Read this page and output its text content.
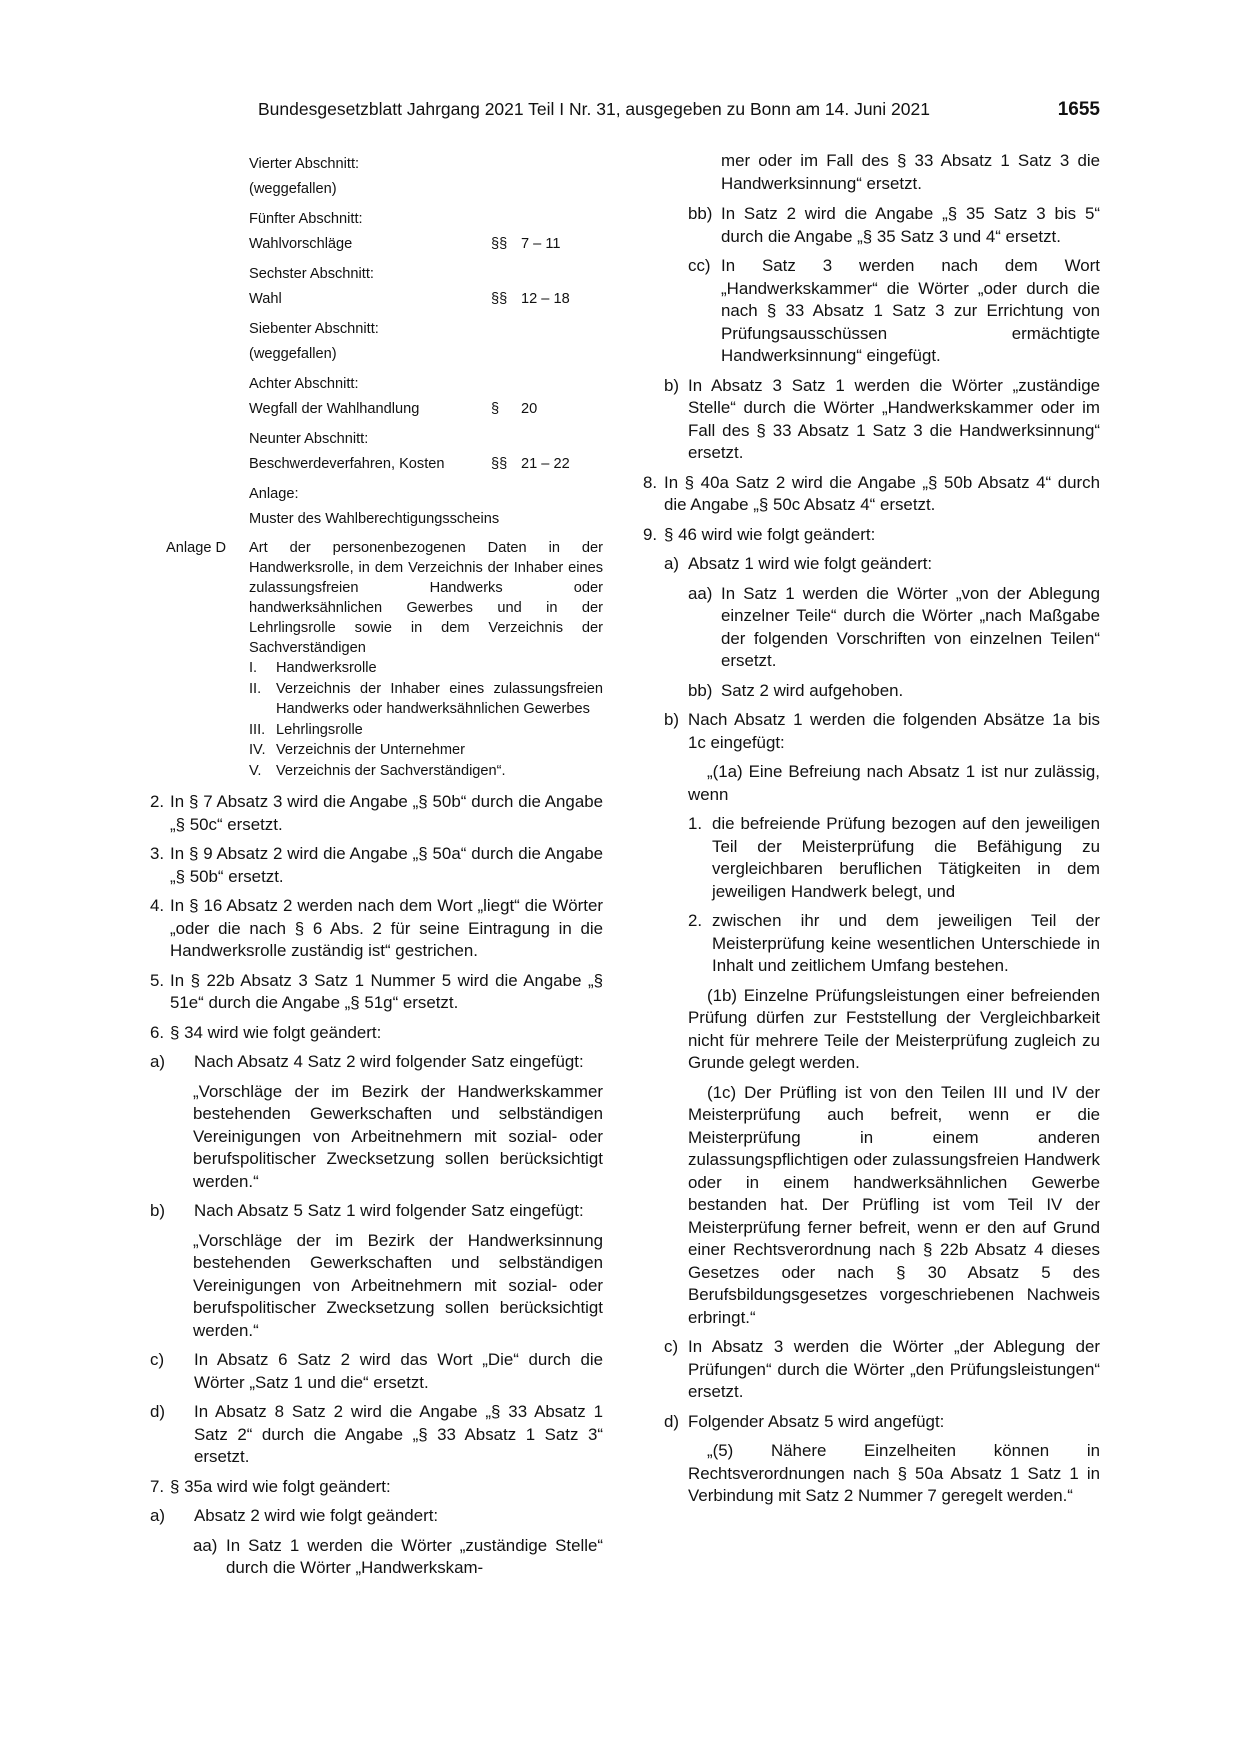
Bundesgesetzblatt Jahrgang 2021 Teil I Nr. 31, ausgegeben zu Bonn am 14. Juni 2021	1655
Vierter Abschnitt:
(weggefallen)
Fünfter Abschnitt:
Wahlvorschläge	§§ 7 – 11
Sechster Abschnitt:
Wahl	§§ 12 – 18
Siebenter Abschnitt:
(weggefallen)
Achter Abschnitt:
Wegfall der Wahlhandlung	§ 20
Neunter Abschnitt:
Beschwerdeverfahren, Kosten	§§ 21 – 22
Anlage:
Muster des Wahlberechtigungsscheins
Anlage D Art der personenbezogenen Daten in der Handwerksrolle, in dem Verzeichnis der Inhaber eines zulassungsfreien Handwerks oder handwerksähnlichen Gewerbes und in der Lehrlingsrolle sowie in dem Verzeichnis der Sachverständigen
I. Handwerksrolle
II. Verzeichnis der Inhaber eines zulassungsfreien Handwerks oder handwerksähnlichen Gewerbes
III. Lehrlingsrolle
IV. Verzeichnis der Unternehmer
V. Verzeichnis der Sachverständigen“.
2. In § 7 Absatz 3 wird die Angabe „§ 50b“ durch die Angabe „§ 50c“ ersetzt.
3. In § 9 Absatz 2 wird die Angabe „§ 50a“ durch die Angabe „§ 50b“ ersetzt.
4. In § 16 Absatz 2 werden nach dem Wort „liegt“ die Wörter „oder die nach § 6 Abs. 2 für seine Eintragung in die Handwerksrolle zuständig ist“ gestrichen.
5. In § 22b Absatz 3 Satz 1 Nummer 5 wird die Angabe „§ 51e“ durch die Angabe „§ 51g“ ersetzt.
6. § 34 wird wie folgt geändert:
a)	Nach Absatz 4 Satz 2 wird folgender Satz eingefügt:
„Vorschläge der im Bezirk der Handwerkskammer bestehenden Gewerkschaften und selbständigen Vereinigungen von Arbeitnehmern mit sozial- oder berufspolitischer Zwecksetzung sollen berücksichtigt werden.“
b)	Nach Absatz 5 Satz 1 wird folgender Satz eingefügt:
„Vorschläge der im Bezirk der Handwerksinnung bestehenden Gewerkschaften und selbständigen Vereinigungen von Arbeitnehmern mit sozial- oder berufspolitischer Zwecksetzung sollen berücksichtigt werden.“
c)	In Absatz 6 Satz 2 wird das Wort „Die“ durch die Wörter „Satz 1 und die“ ersetzt.
d)	In Absatz 8 Satz 2 wird die Angabe „§ 33 Absatz 1 Satz 2“ durch die Angabe „§ 33 Absatz 1 Satz 3“ ersetzt.
7. § 35a wird wie folgt geändert:
a)	Absatz 2 wird wie folgt geändert:
aa) In Satz 1 werden die Wörter „zuständige Stelle“ durch die Wörter „Handwerkskam-
mer oder im Fall des § 33 Absatz 1 Satz 3 die Handwerksinnung“ ersetzt.
bb) In Satz 2 wird die Angabe „§ 35 Satz 3 bis 5“ durch die Angabe „§ 35 Satz 3 und 4“ ersetzt.
cc) In Satz 3 werden nach dem Wort „Handwerkskammer“ die Wörter „oder durch die nach § 33 Absatz 1 Satz 3 zur Errichtung von Prüfungsausschüssen ermächtigte Handwerksinnung“ eingefügt.
b) In Absatz 3 Satz 1 werden die Wörter „zuständige Stelle“ durch die Wörter „Handwerkskammer oder im Fall des § 33 Absatz 1 Satz 3 die Handwerksinnung“ ersetzt.
8. In § 40a Satz 2 wird die Angabe „§ 50b Absatz 4“ durch die Angabe „§ 50c Absatz 4“ ersetzt.
9. § 46 wird wie folgt geändert:
a) Absatz 1 wird wie folgt geändert:
aa) In Satz 1 werden die Wörter „von der Ablegung einzelner Teile“ durch die Wörter „nach Maßgabe der folgenden Vorschriften von einzelnen Teilen“ ersetzt.
bb) Satz 2 wird aufgehoben.
b) Nach Absatz 1 werden die folgenden Absätze 1a bis 1c eingefügt:
„(1a) Eine Befreiung nach Absatz 1 ist nur zulässig, wenn
1. die befreiende Prüfung bezogen auf den jeweiligen Teil der Meisterprüfung die Befähigung zu vergleichbaren beruflichen Tätigkeiten in dem jeweiligen Handwerk belegt, und
2. zwischen ihr und dem jeweiligen Teil der Meisterprüfung keine wesentlichen Unterschiede in Inhalt und zeitlichem Umfang bestehen.
(1b) Einzelne Prüfungsleistungen einer befreienden Prüfung dürfen zur Feststellung der Vergleichbarkeit nicht für mehrere Teile der Meisterprüfung zugleich zu Grunde gelegt werden.
(1c) Der Prüfling ist von den Teilen III und IV der Meisterprüfung auch befreit, wenn er die Meisterprüfung in einem anderen zulassungspflichtigen oder zulassungsfreien Handwerk oder in einem handwerksähnlichen Gewerbe bestanden hat. Der Prüfling ist vom Teil IV der Meisterprüfung ferner befreit, wenn er den auf Grund einer Rechtsverordnung nach § 22b Absatz 4 dieses Gesetzes oder nach § 30 Absatz 5 des Berufsbildungsgesetzes vorgeschriebenen Nachweis erbringt.“
c) In Absatz 3 werden die Wörter „der Ablegung der Prüfungen“ durch die Wörter „den Prüfungsleistungen“ ersetzt.
d) Folgender Absatz 5 wird angefügt:
„(5) Nähere Einzelheiten können in Rechtsverordnungen nach § 50a Absatz 1 Satz 1 in Verbindung mit Satz 2 Nummer 7 geregelt werden.“
